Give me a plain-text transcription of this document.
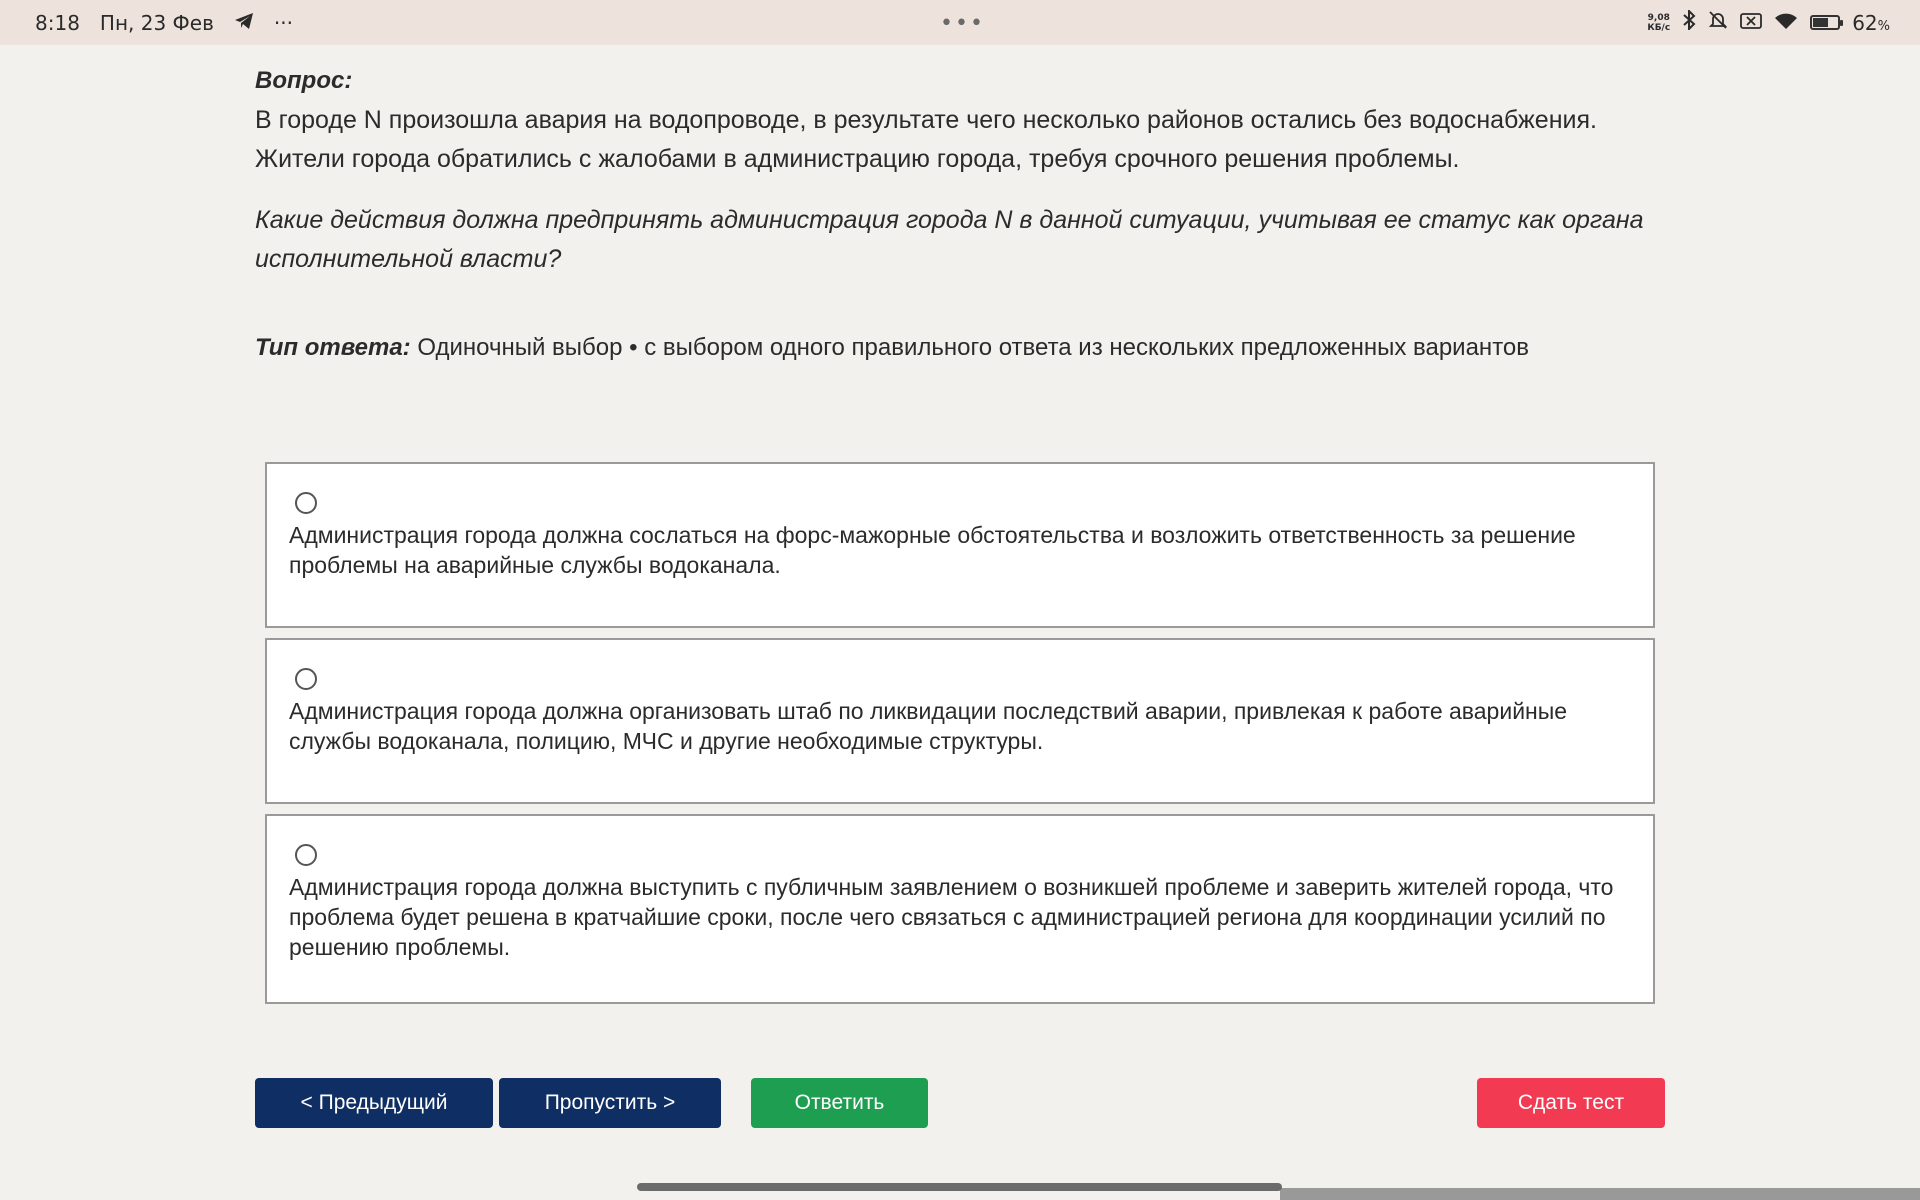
8:18 Пн, 23 Фев	···	•••	9,08
КБ/с	62%

Вопрос:

В городе N произошла авария на водопроводе, в результате чего несколько районов остались без водоснабжения.

Жители города обратились с жалобами в администрацию города, требуя срочного решения проблемы.

Какие действия должна предпринять администрация города N в данной ситуации, учитывая ее статус как органа исполнительной власти?

Тип ответа: Одиночный выбор • с выбором одного правильного ответа из нескольких предложенных вариантов

Администрация города должна сослаться на форс-мажорные обстоятельства и возложить ответственность за решение проблемы на аварийные службы водоканала.
Администрация города должна организовать штаб по ликвидации последствий аварии, привлекая к работе аварийные службы водоканала, полицию, МЧС и другие необходимые структуры.
Администрация города должна выступить с публичным заявлением о возникшей проблеме и заверить жителей города, что проблема будет решена в кратчайшие сроки, после чего связаться с администрацией региона для координации усилий по решению проблемы.
< Предыдущий	Пропустить >	Ответить	Сдать тест
